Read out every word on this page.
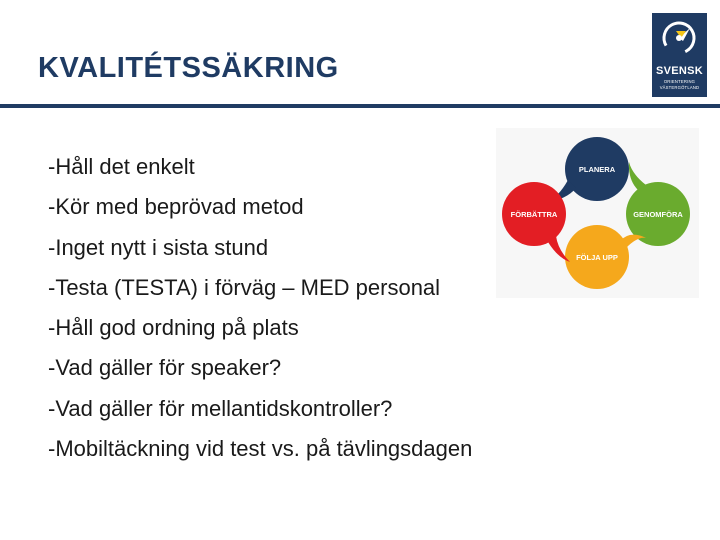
KVALITÉTSSÄKRING	SVENSK
ORIENTERING
VÄSTERGÖTLAND
-Håll det enkelt
-Kör med beprövad metod
-Inget nytt i sista stund
-Testa (TESTA) i förväg – MED personal
-Håll god ordning på plats
-Vad gäller för speaker?
-Vad gäller för mellantidskontroller?
-Mobiltäckning vid test vs. på tävlingsdagen
PLANERA
GENOMFÖRA
FÖLJA UPP
FÖRBÄTTRA
